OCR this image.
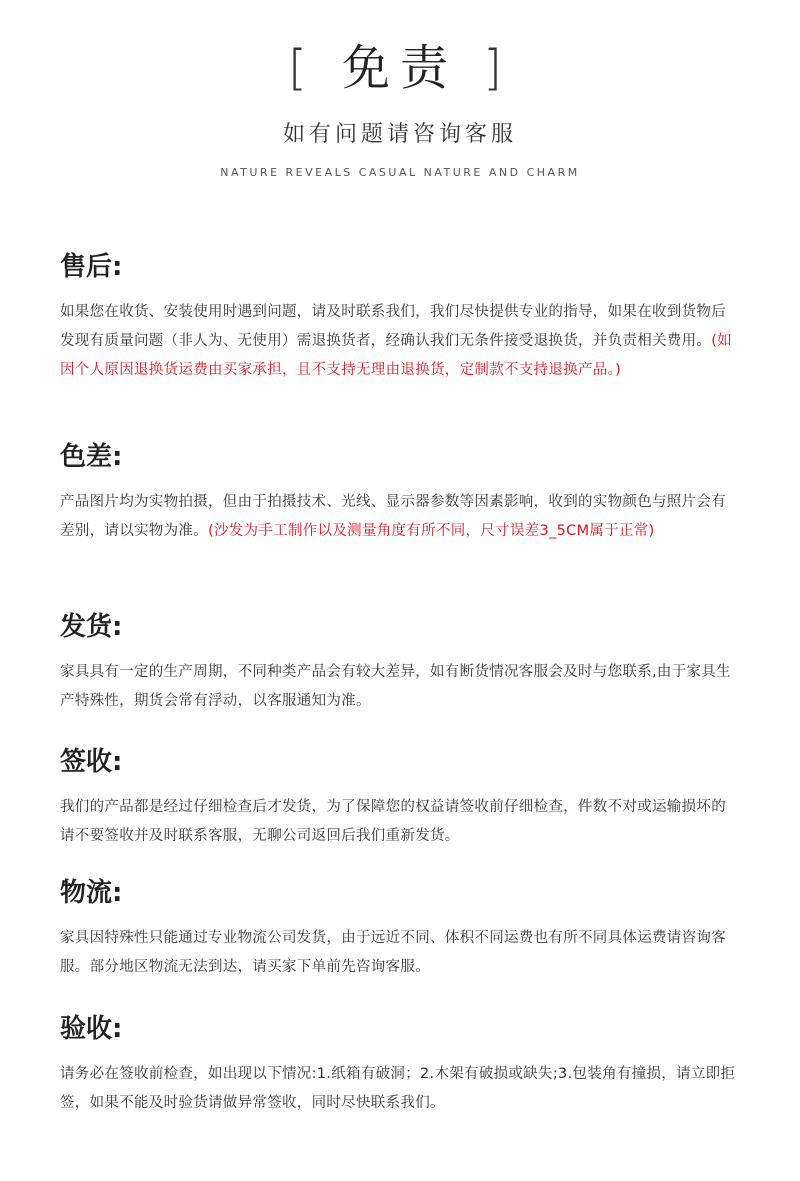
[ 免责 ]
如有问题请咨询客服
NATURE REVEALS CASUAL NATURE AND CHARM
售后:

如果您在收货、安装使用时遇到问题，请及时联系我们，我们尽快提供专业的指导，如果在收到货物后发现有质量问题（非人为、无使用）需退换货者，经确认我们无条件接受退换货，并负责相关费用。(如因个人原因退换货运费由买家承担，且不支持无理由退换货，定制款不支持退换产品。)

色差:

产品图片均为实物拍摄，但由于拍摄技术、光线、显示器参数等因素影响，收到的实物颜色与照片会有差别，请以实物为准。(沙发为手工制作以及测量角度有所不同，尺寸误差3_5CM属于正常)

发货:

家具具有一定的生产周期，不同种类产品会有较大差异，如有断货情况客服会及时与您联系,由于家具生产特殊性，期货会常有浮动，以客服通知为准。

签收:

我们的产品都是经过仔细检查后才发货，为了保障您的权益请签收前仔细检查，件数不对或运输损坏的请不要签收并及时联系客服，无聊公司返回后我们重新发货。

物流:

家具因特殊性只能通过专业物流公司发货，由于远近不同、体积不同运费也有所不同具体运费请咨询客服。部分地区物流无法到达，请买家下单前先咨询客服。

验收:

请务必在签收前检查，如出现以下情况:1.纸箱有破洞；2.木架有破损或缺失;3.包装角有撞损，请立即拒签，如果不能及时验货请做异常签收，同时尽快联系我们。
